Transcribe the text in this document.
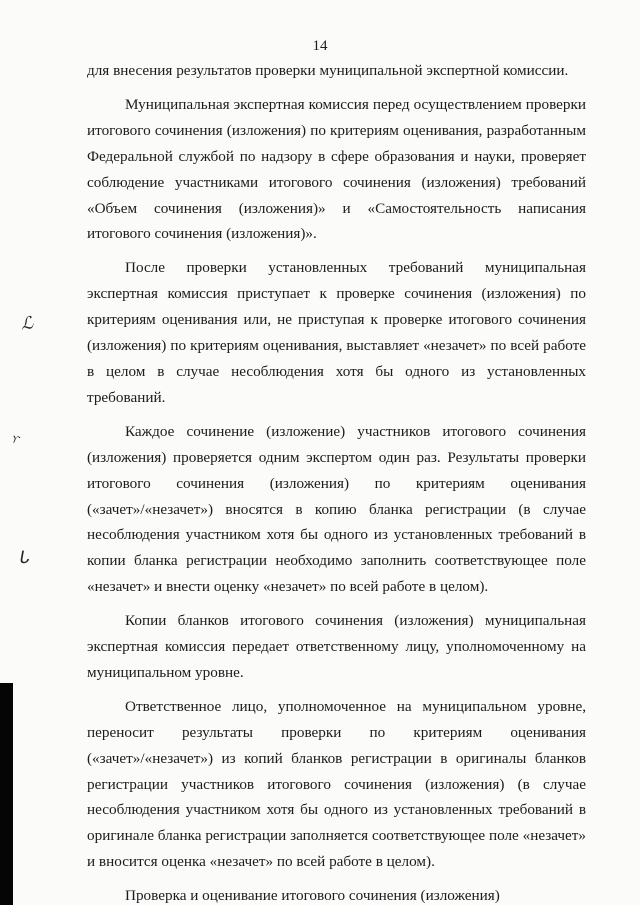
14
ℒ
ⲩ·
ᒐ

для внесения результатов проверки муниципальной экспертной комиссии.

Муниципальная экспертная комиссия перед осуществлением проверки итогового сочинения (изложения) по критериям оценивания, разработанным Федеральной службой по надзору в сфере образования и науки, проверяет соблюдение участниками итогового сочинения (изложения) требований «Объем сочинения (изложения)» и «Самостоятельность написания итогового сочинения (изложения)».

После проверки установленных требований муниципальная экспертная комиссия приступает к проверке сочинения (изложения) по критериям оценивания или, не приступая к проверке итогового сочинения (изложения) по критериям оценивания, выставляет «незачет» по всей работе в целом в случае несоблюдения хотя бы одного из установленных требований.

Каждое сочинение (изложение) участников итогового сочинения (изложения) проверяется одним экспертом один раз. Результаты проверки итогового сочинения (изложения) по критериям оценивания («зачет»/«незачет») вносятся в копию бланка регистрации (в случае несоблюдения участником хотя бы одного из установленных требований в копии бланка регистрации необходимо заполнить соответствующее поле «незачет» и внести оценку «незачет» по всей работе в целом).

Копии бланков итогового сочинения (изложения) муниципальная экспертная комиссия передает ответственному лицу, уполномоченному на муниципальном уровне.

Ответственное лицо, уполномоченное на муниципальном уровне, переносит результаты проверки по критериям оценивания («зачет»/«незачет») из копий бланков регистрации в оригиналы бланков регистрации участников итогового сочинения (изложения) (в случае несоблюдения участником хотя бы одного из установленных требований в оригинале бланка регистрации заполняется соответствующее поле «незачет» и вносится оценка «незачет» по всей работе в целом).

Проверка и оценивание итогового сочинения (изложения)
